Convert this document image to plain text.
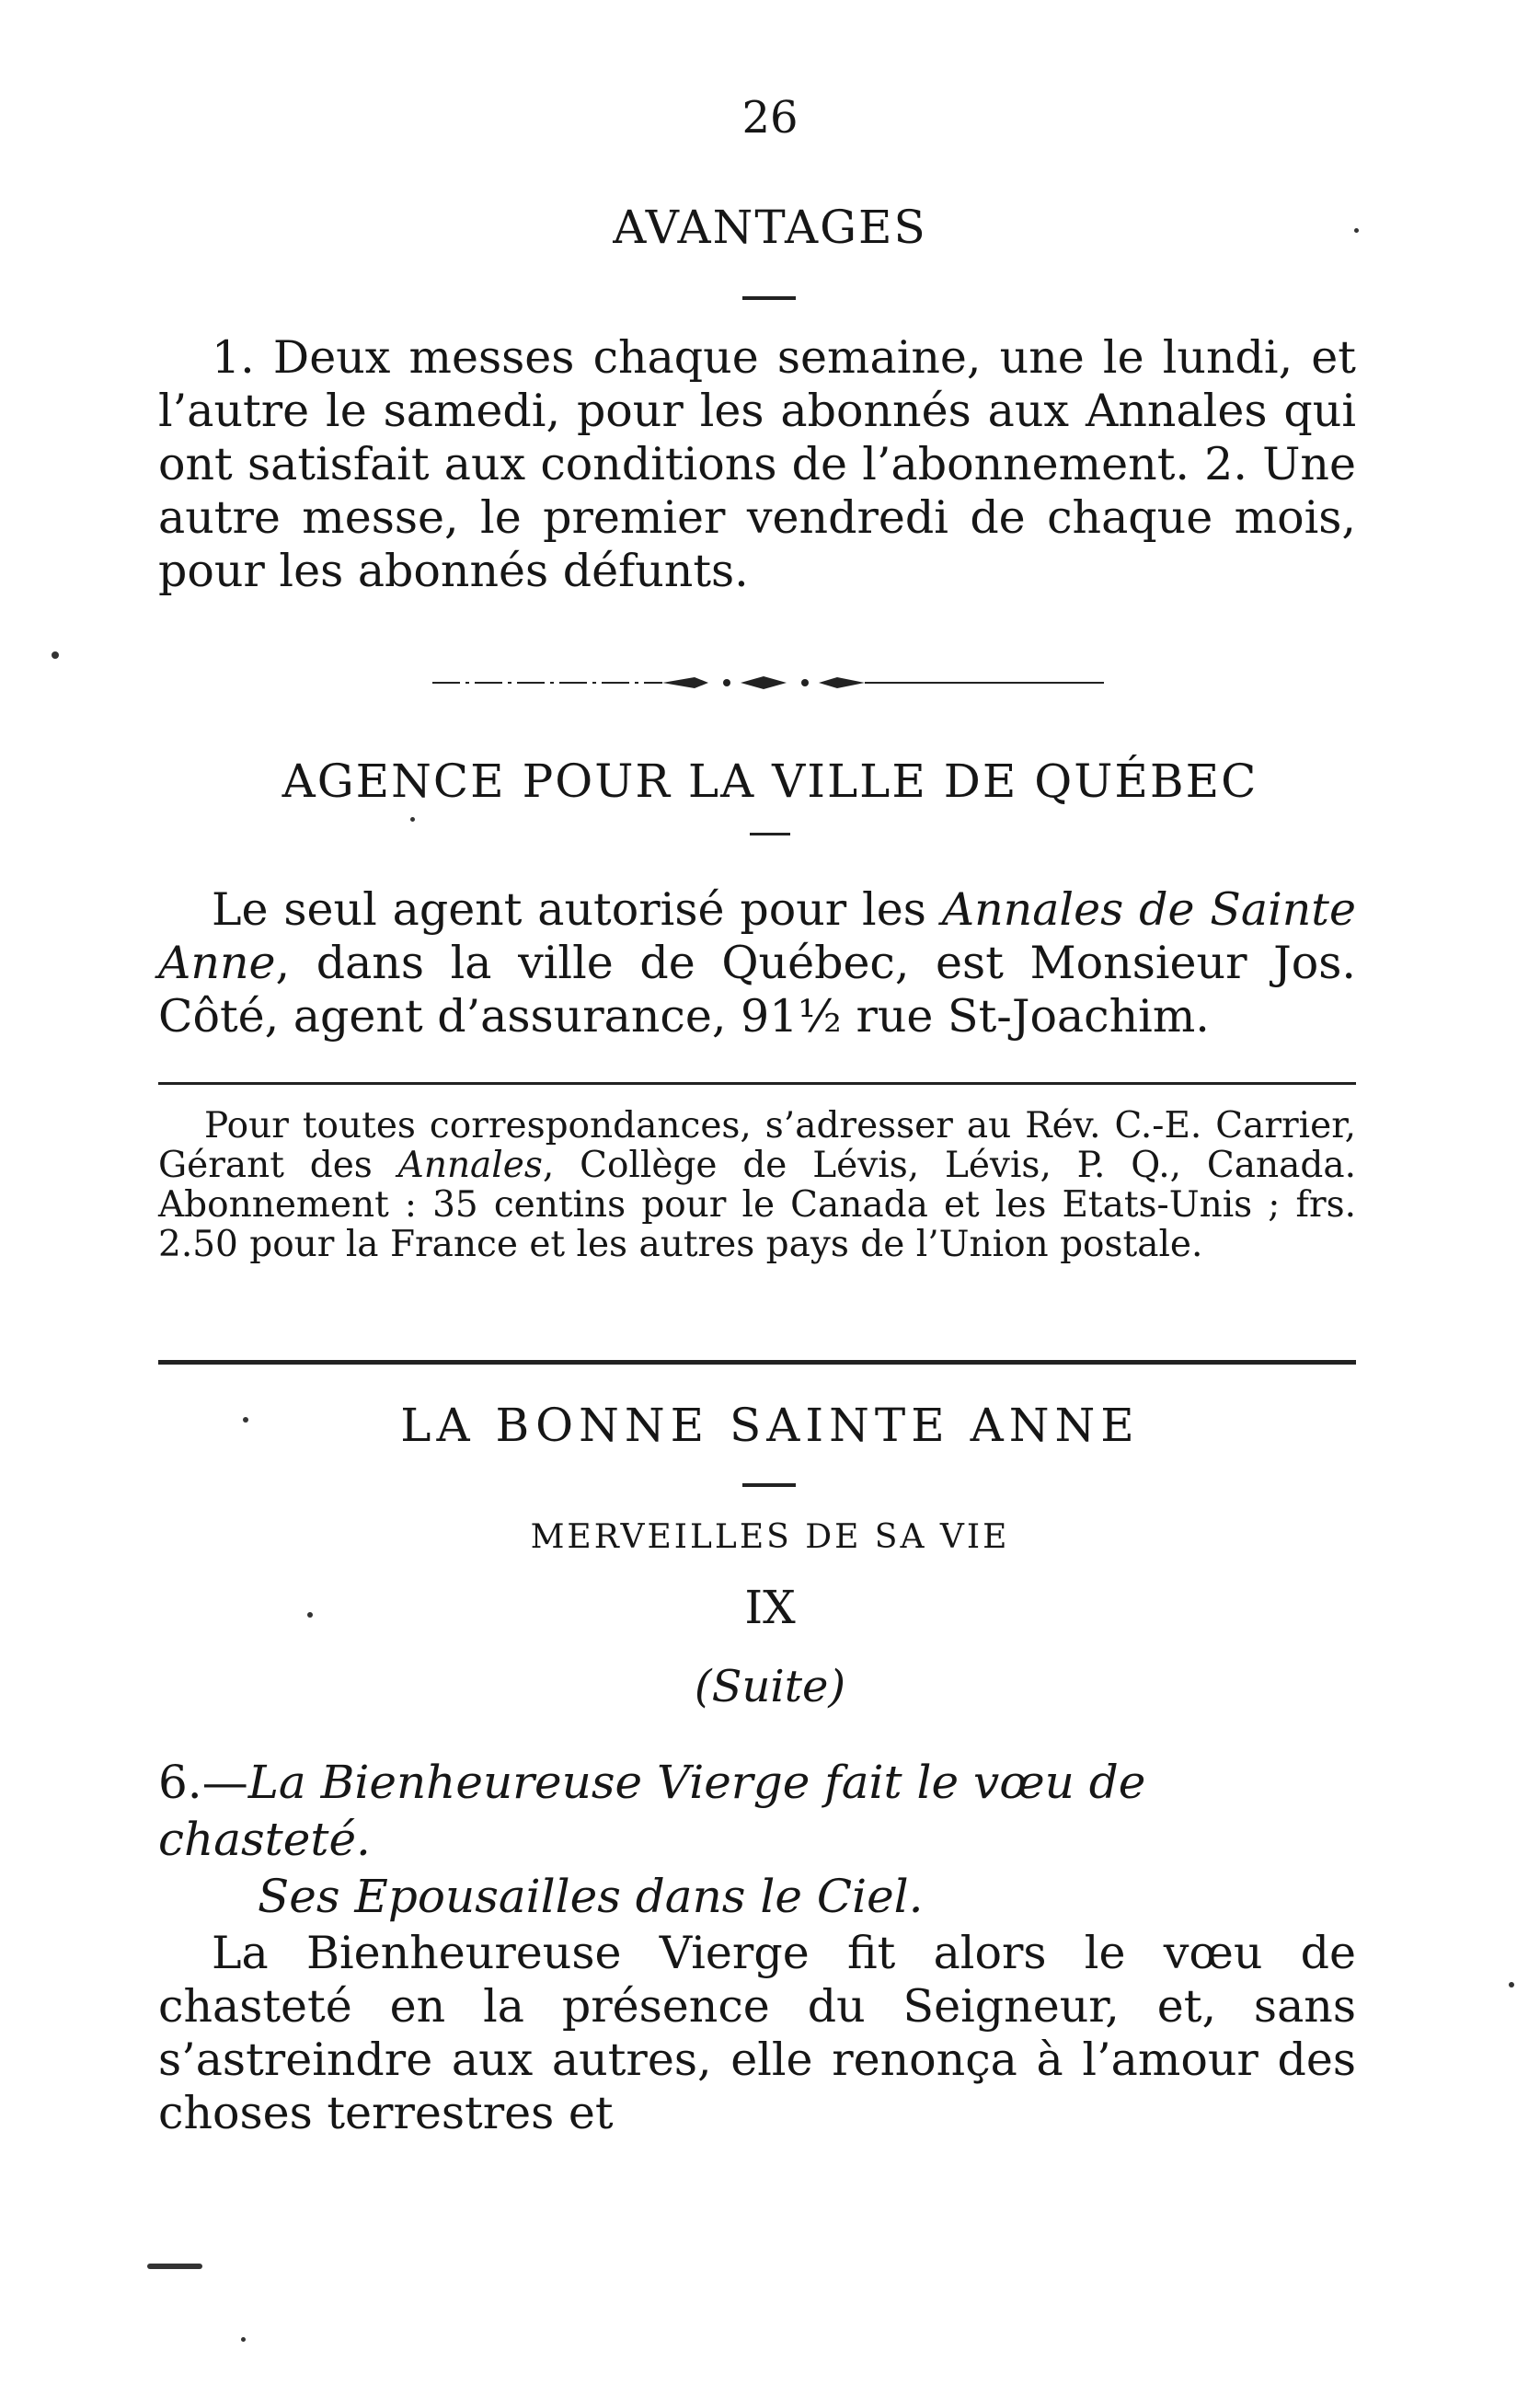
26
AVANTAGES

1. Deux messes chaque semaine, une le lundi, et l’autre le samedi, pour les abonnés aux Annales qui ont satisfait aux conditions de l’abonnement. 2. Une autre messe, le premier vendredi de chaque mois, pour les abonnés défunts.

AGENCE POUR LA VILLE DE QUÉBEC

Le seul agent autorisé pour les Annales de Sainte Anne, dans la ville de Québec, est Monsieur Jos. Côté, agent d’assurance, 91½ rue St-Joachim.

Pour toutes correspondances, s’adresser au Rév. C.-E. Carrier, Gérant des Annales, Collège de Lévis, Lévis, P. Q., Canada. Abonnement : 35 centins pour le Canada et les Etats-Unis ; frs. 2.50 pour la France et les autres pays de l’Union postale.

LA BONNE SAINTE ANNE
MERVEILLES DE SA VIE
IX
(Suite)
6.—La Bienheureuse Vierge fait le vœu de chasteté.
Ses Epousailles dans le Ciel.

La Bienheureuse Vierge fit alors le vœu de chasteté en la présence du Seigneur, et, sans s’astreindre aux autres, elle renonça à l’amour des choses terrestres et
